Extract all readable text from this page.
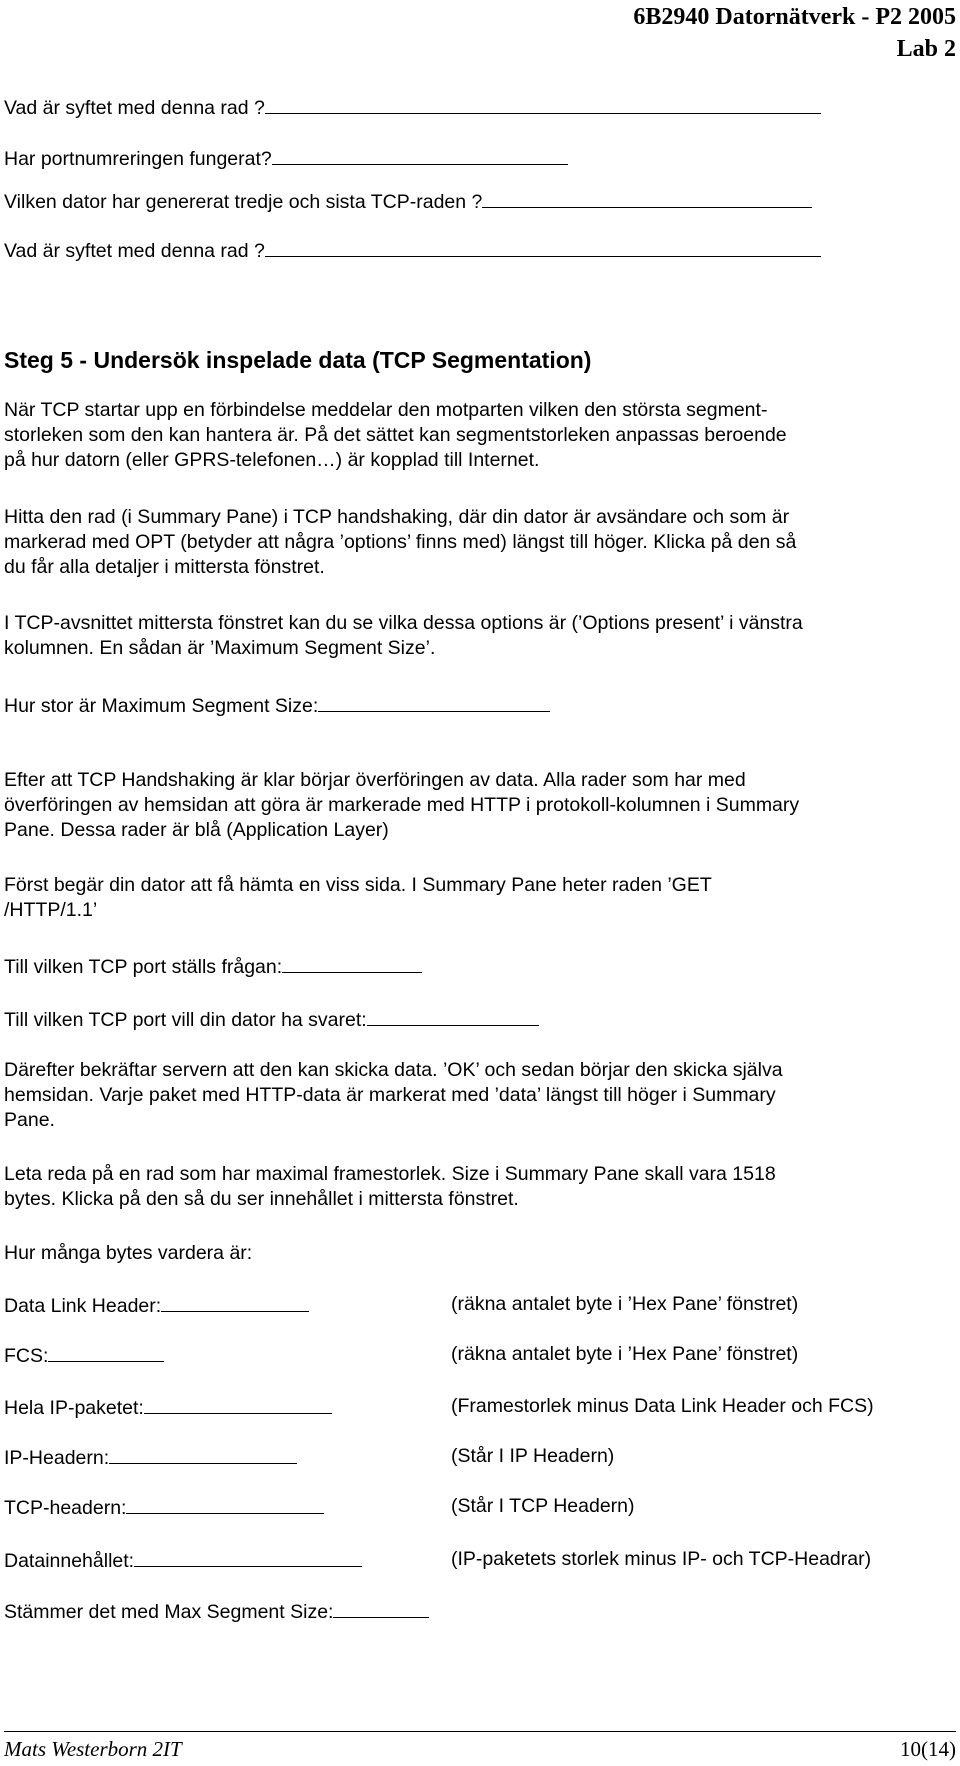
6B2940 Datornätverk - P2 2005
Lab 2
Vad är syftet med denna rad ?
Har portnumreringen fungerat?
Vilken dator har genererat tredje och sista TCP-raden ?
Vad är syftet med denna rad ?
Steg 5 - Undersök inspelade data (TCP Segmentation)
När TCP startar upp en förbindelse meddelar den motparten vilken den största segment-
storleken som den kan hantera är. På det sättet kan segmentstorleken anpassas beroende
på hur datorn (eller GPRS-telefonen…) är kopplad till Internet.
Hitta den rad (i Summary Pane) i TCP handshaking, där din dator är avsändare och som är
markerad med OPT (betyder att några ’options’ finns med) längst till höger. Klicka på den så
du får alla detaljer i mittersta fönstret.
I TCP-avsnittet mittersta fönstret kan du se vilka dessa options är (’Options present’ i vänstra
kolumnen. En sådan är ’Maximum Segment Size’.
Hur stor är Maximum Segment Size:
Efter att TCP Handshaking är klar börjar överföringen av data. Alla rader som har med
överföringen av hemsidan att göra är markerade med HTTP i protokoll-kolumnen i Summary
Pane. Dessa rader är blå (Application Layer)
Först begär din dator att få hämta en viss sida. I Summary Pane heter raden ’GET
/HTTP/1.1’
Till vilken TCP port ställs frågan:
Till vilken TCP port vill din dator ha svaret:
Därefter bekräftar servern att den kan skicka data. ’OK’ och sedan börjar den skicka själva
hemsidan. Varje paket med HTTP-data är markerat med ’data’ längst till höger i Summary
Pane.
Leta reda på en rad som har maximal framestorlek. Size i Summary Pane skall vara 1518
bytes. Klicka på den så du ser innehållet i mittersta fönstret.
Hur många bytes vardera är:
Data Link Header:	(räkna antalet byte i ’Hex Pane’ fönstret)
FCS:	(räkna antalet byte i ’Hex Pane’ fönstret)
Hela IP-paketet:	(Framestorlek minus Data Link Header och FCS)
IP-Headern:	(Står I IP Headern)
TCP-headern:	(Står I TCP Headern)
Datainnehållet:	(IP-paketets storlek minus IP- och TCP-Headrar)
Stämmer det med Max Segment Size:
Mats Westerborn 2IT	10(14)
